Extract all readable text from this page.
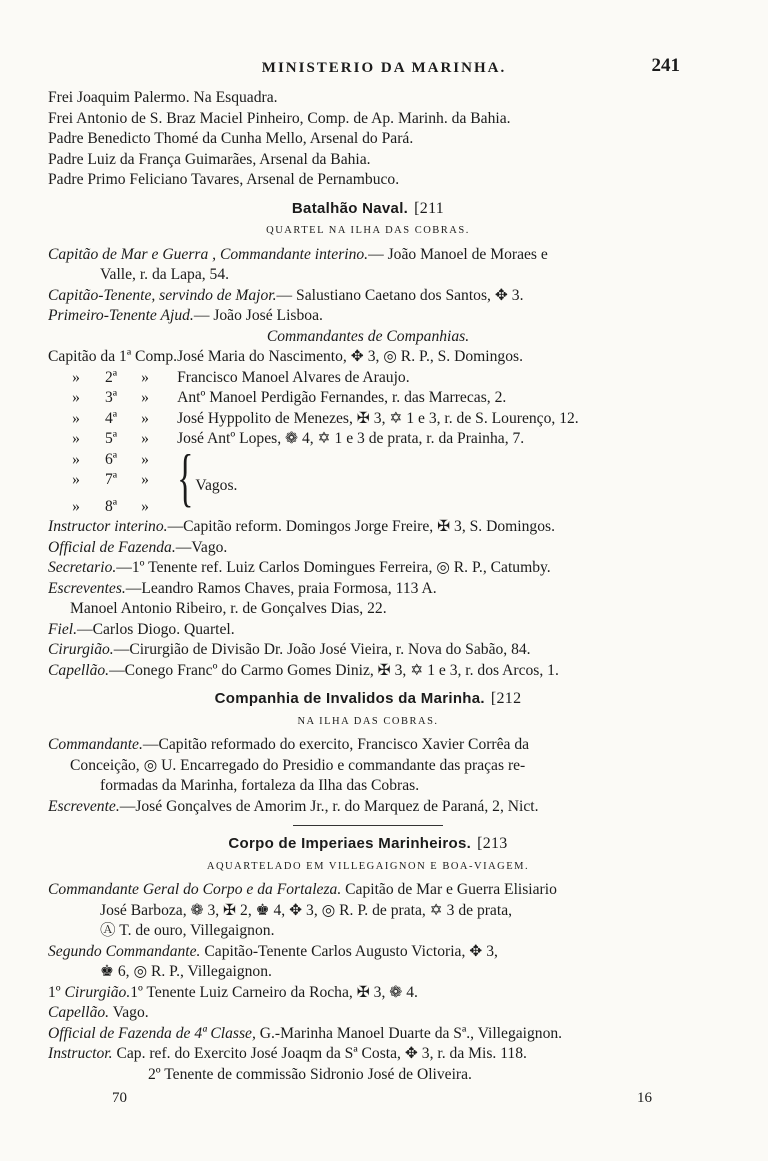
MINISTERIO DA MARINHA.	241
Frei Joaquim Palermo. Na Esquadra.
Frei Antonio de S. Braz Maciel Pinheiro, Comp. de Ap. Marinh. da Bahia.
Padre Benedicto Thomé da Cunha Mello, Arsenal do Pará.
Padre Luiz da França Guimarães, Arsenal da Bahia.
Padre Primo Feliciano Tavares, Arsenal de Pernambuco.
Batalhão Naval. [211
QUARTEL NA ILHA DAS COBRAS.
Capitão de Mar e Guerra , Commandante interino.— João Manoel de Moraes e
Valle, r. da Lapa, 54.
Capitão-Tenente, servindo de Major.— Salustiano Caetano dos Santos, ✥ 3.
Primeiro-Tenente Ajud.— João José Lisboa.
Commandantes de Companhias.
Capitão da 1ª Comp.	José Maria do Nascimento, ✥ 3, ◎ R. P., S. Domingos.
» 2ª »	Francisco Manoel Alvares de Araujo.
» 3ª »	Antº Manoel Perdigão Fernandes, r. das Marrecas, 2.
» 4ª »	José Hyppolito de Menezes, ✠ 3, ✡ 1 e 3, r. de S. Lourenço, 12.
» 5ª »	José Antº Lopes, ❁ 4, ✡ 1 e 3 de prata, r. da Prainha, 7.
» 6ª »	
» 7ª »	{ Vagos.
» 8ª »	
Instructor interino.—Capitão reform. Domingos Jorge Freire, ✠ 3, S. Domingos.
Official de Fazenda.—Vago.
Secretario.—1º Tenente ref. Luiz Carlos Domingues Ferreira, ◎ R. P., Catumby.
Escreventes.—Leandro Ramos Chaves, praia Formosa, 113 A.
Manoel Antonio Ribeiro, r. de Gonçalves Dias, 22.
Fiel.—Carlos Diogo. Quartel.
Cirurgião.—Cirurgião de Divisão Dr. João José Vieira, r. Nova do Sabão, 84.
Capellão.—Conego Francº do Carmo Gomes Diniz, ✠ 3, ✡ 1 e 3, r. dos Arcos, 1.
Companhia de Invalidos da Marinha. [212
NA ILHA DAS COBRAS.
Commandante.—Capitão reformado do exercito, Francisco Xavier Corrêa da
Conceição, ◎ U. Encarregado do Presidio e commandante das praças re-
formadas da Marinha, fortaleza da Ilha das Cobras.
Escrevente.—José Gonçalves de Amorim Jr., r. do Marquez de Paraná, 2, Nict.
Corpo de Imperiaes Marinheiros. [213
AQUARTELADO EM VILLEGAIGNON E BOA-VIAGEM.
Commandante Geral do Corpo e da Fortaleza. Capitão de Mar e Guerra Elisiario
José Barboza, ❁ 3, ✠ 2, ♚ 4, ✥ 3, ◎ R. P. de prata, ✡ 3 de prata,
Ⓐ T. de ouro, Villegaignon.
Segundo Commandante. Capitão-Tenente Carlos Augusto Victoria, ✥ 3,
♚ 6, ◎ R. P., Villegaignon.
1º Cirurgião.1º Tenente Luiz Carneiro da Rocha, ✠ 3, ❁ 4.
Capellão. Vago.
Official de Fazenda de 4ª Classe, G.-Marinha Manoel Duarte da Sª., Villegaignon.
Instructor. Cap. ref. do Exercito José Joaqm da Sª Costa, ✥ 3, r. da Mis. 118.
2º Tenente de commissão Sidronio José de Oliveira.
70	16
